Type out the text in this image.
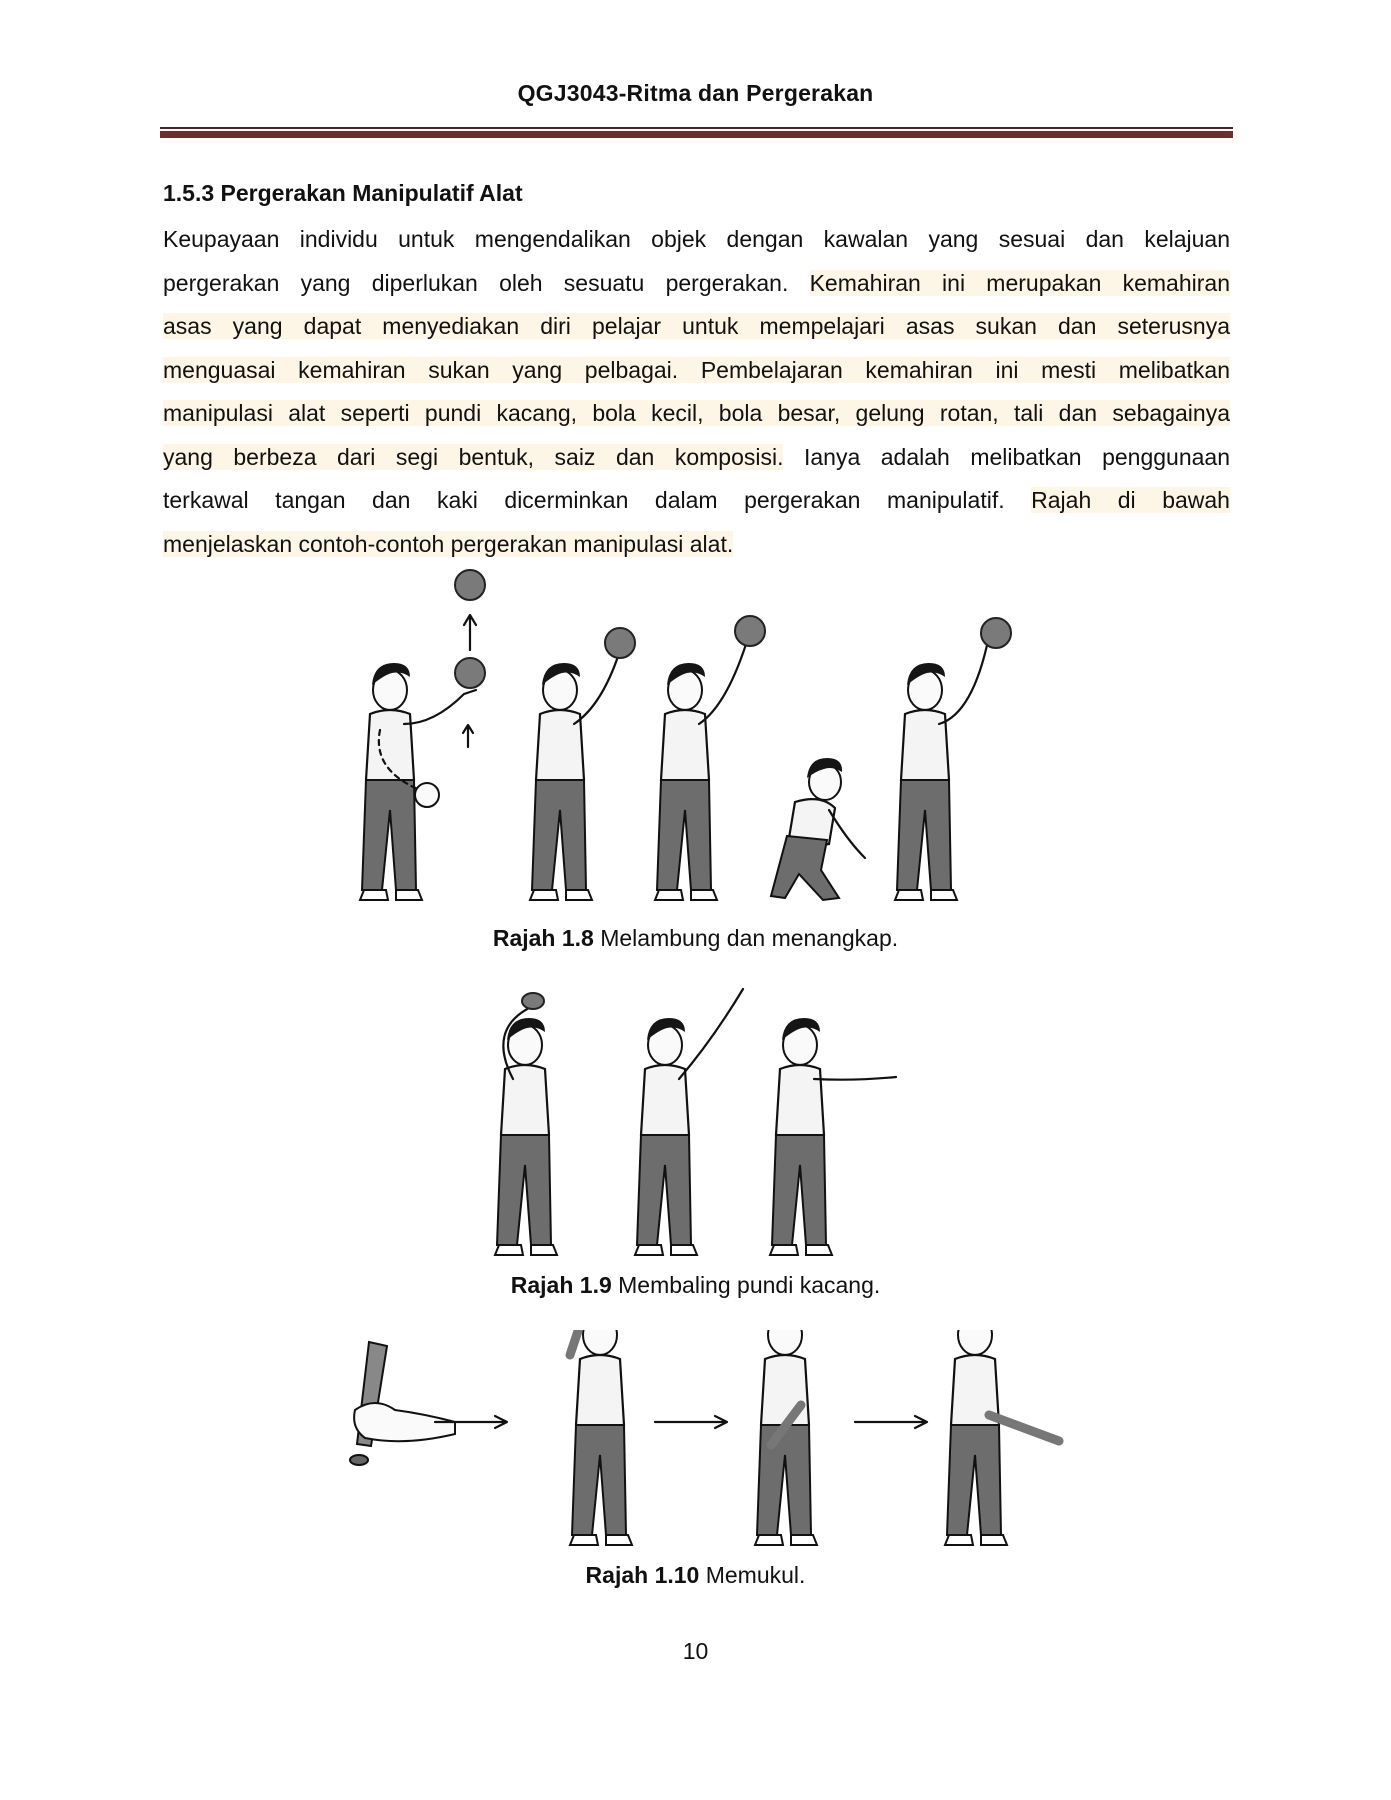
QGJ3043-Ritma dan Pergerakan
1.5.3 Pergerakan Manipulatif Alat
Keupayaan individu untuk mengendalikan objek dengan kawalan yang sesuai dan kelajuan
pergerakan yang diperlukan oleh sesuatu pergerakan. Kemahiran ini merupakan kemahiran
asas yang dapat menyediakan diri pelajar untuk mempelajari asas sukan dan seterusnya
menguasai kemahiran sukan yang pelbagai. Pembelajaran kemahiran ini mesti melibatkan
manipulasi alat seperti pundi kacang, bola kecil, bola besar, gelung rotan, tali dan sebagainya
yang berbeza dari segi bentuk, saiz dan komposisi. Ianya adalah melibatkan penggunaan
terkawal tangan dan kaki dicerminkan dalam pergerakan manipulatif. Rajah di bawah
menjelaskan contoh-contoh pergerakan manipulasi alat.
Rajah 1.8 Melambung dan menangkap.
Rajah 1.9 Membaling pundi kacang.
Rajah 1.10 Memukul.
10
